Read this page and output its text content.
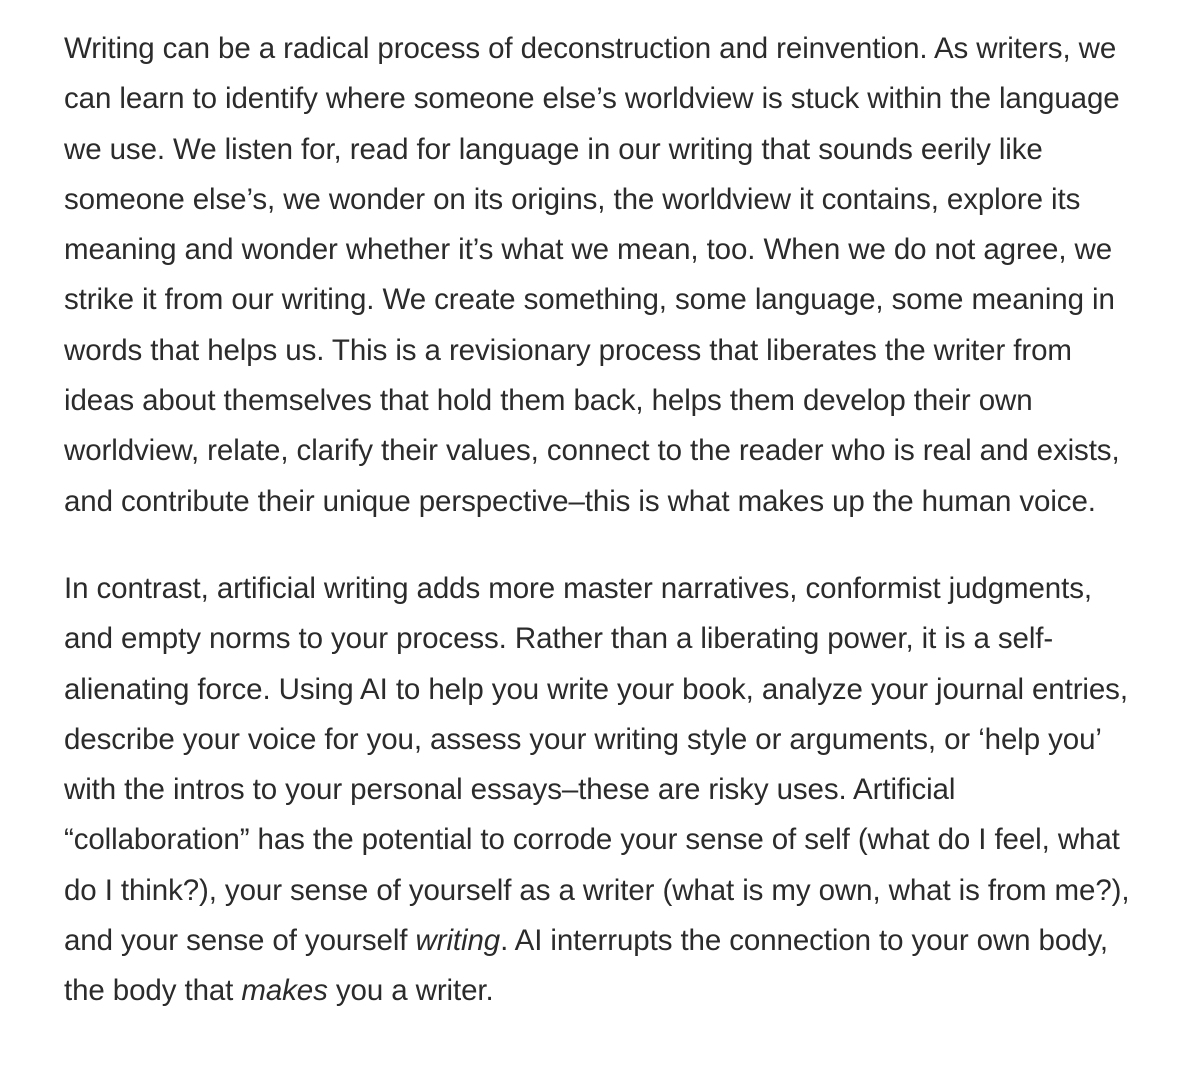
Writing can be a radical process of deconstruction and reinvention. As writers, we can learn to identify where someone else’s worldview is stuck within the language we use. We listen for, read for language in our writing that sounds eerily like someone else’s, we wonder on its origins, the worldview it contains, explore its meaning and wonder whether it’s what we mean, too. When we do not agree, we strike it from our writing. We create something, some language, some meaning in words that helps us. This is a revisionary process that liberates the writer from ideas about themselves that hold them back, helps them develop their own worldview, relate, clarify their values, connect to the reader who is real and exists, and contribute their unique perspective–this is what makes up the human voice.

In contrast, artificial writing adds more master narratives, conformist judgments, and empty norms to your process. Rather than a liberating power, it is a self-alienating force. Using AI to help you write your book, analyze your journal entries, describe your voice for you, assess your writing style or arguments, or ‘help you’ with the intros to your personal essays–these are risky uses. Artificial “collaboration” has the potential to corrode your sense of self (what do I feel, what do I think?), your sense of yourself as a writer (what is my own, what is from me?), and your sense of yourself writing. AI interrupts the connection to your own body, the body that makes you a writer.
